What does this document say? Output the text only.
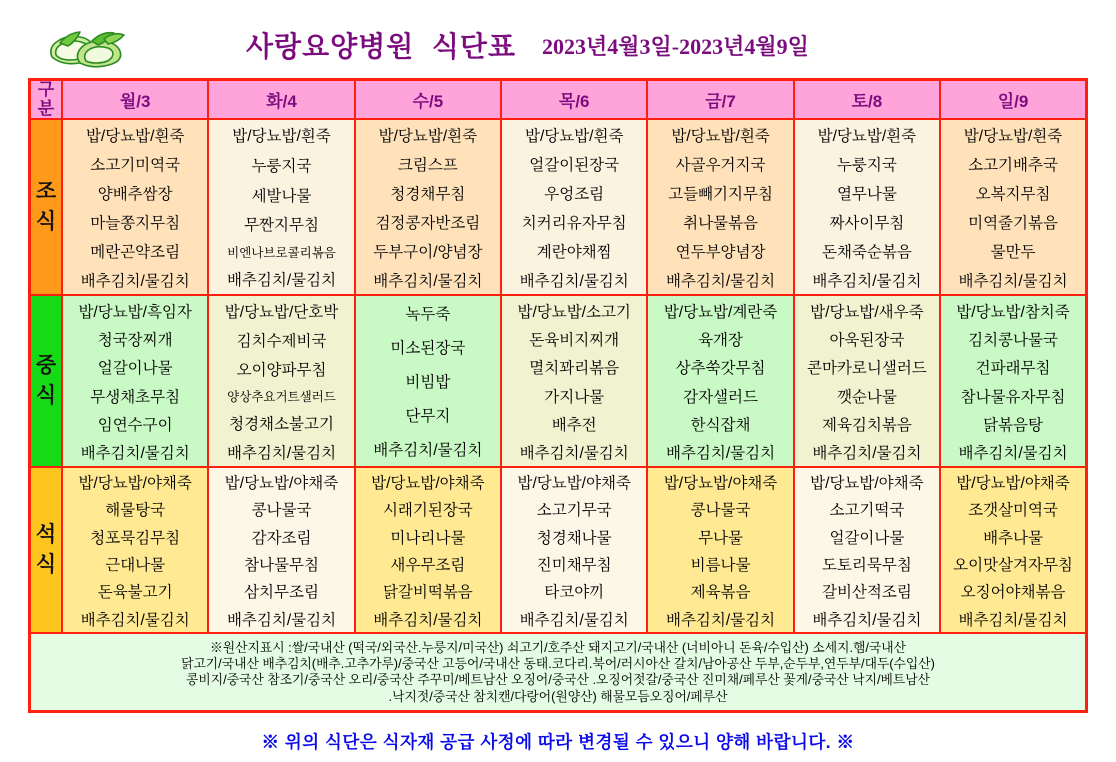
사랑요양병원  식단표 2023년4월3일-2023년4월9일
구분	월/3	화/4	수/5	목/6	금/7	토/8	일/9
조식	
밥/당뇨밥/흰죽
소고기미역국
양배추쌈장
마늘쫑지무침
메란곤약조림
배추김치/물김치

밥/당뇨밥/흰죽
누룽지국
세발나물
무짠지무침
비엔나브로콜리볶음
배추김치/물김치

밥/당뇨밥/흰죽
크림스프
청경채무침
검정콩자반조림
두부구이/양념장
배추김치/물김치

밥/당뇨밥/흰죽
얼갈이된장국
우엉조림
치커리유자무침
계란야채찜
배추김치/물김치

밥/당뇨밥/흰죽
사골우거지국
고들빼기지무침
취나물볶음
연두부양념장
배추김치/물김치

밥/당뇨밥/흰죽
누룽지국
열무나물
짜사이무침
돈채죽순볶음
배추김치/물김치

밥/당뇨밥/흰죽
소고기배추국
오복지무침
미역줄기볶음
물만두
배추김치/물김치

중식	
밥/당뇨밥/흑임자
청국장찌개
얼갈이나물
무생채초무침
임연수구이
배추김치/물김치

밥/당뇨밥/단호박
김치수제비국
오이양파무침
양상추요거트샐러드
청경채소불고기
배추김치/물김치

녹두죽
미소된장국
비빔밥
단무지
배추김치/물김치

밥/당뇨밥/소고기
돈육비지찌개
멸치꽈리볶음
가지나물
배추전
배추김치/물김치

밥/당뇨밥/계란죽
육개장
상추쑥갓무침
감자샐러드
한식잡채
배추김치/물김치

밥/당뇨밥/새우죽
아욱된장국
콘마카로니샐러드
깻순나물
제육김치볶음
배추김치/물김치

밥/당뇨밥/참치죽
김치콩나물국
건파래무침
참나물유자무침
닭볶음탕
배추김치/물김치

석식	
밥/당뇨밥/야채죽
해물탕국
청포묵김무침
근대나물
돈육불고기
배추김치/물김치

밥/당뇨밥/야채죽
콩나물국
감자조림
참나물무침
삼치무조림
배추김치/물김치

밥/당뇨밥/야채죽
시래기된장국
미나리나물
새우무조림
닭갈비떡볶음
배추김치/물김치

밥/당뇨밥/야채죽
소고기무국
청경채나물
진미채무침
타코야끼
배추김치/물김치

밥/당뇨밥/야채죽
콩나물국
무나물
비름나물
제육볶음
배추김치/물김치

밥/당뇨밥/야채죽
소고기떡국
얼갈이나물
도토리묵무침
갈비산적조림
배추김치/물김치

밥/당뇨밥/야채죽
조갯살미역국
배추나물
오이맛살겨자무침
오징어야채볶음
배추김치/물김치

※원산지표시 :쌀/국내산 (떡국/외국산.누룽지/미국산) 쇠고기/호주산 돼지고기/국내산 (너비아니 돈육/수입산) 소세지.햄/국내산
닭고기/국내산 배추김치(배추.고추가루)/중국산 고등어/국내산 동태.코다리.북어/러시아산 갈치/남아공산 두부,순두부,연두부/대두(수입산)
콩비지/중국산 참조기/중국산 오리/중국산 주꾸미/베트남산 오징어/중국산 .오징어젓갈/중국산 진미채/페루산 꽃게/중국산 낙지/베트남산
.낙지젓/중국산 참치캔/다랑어(원양산) 해물모듬오징어/페루산							
※ 위의 식단은 식자재 공급 사정에 따라 변경될 수 있으니 양해 바랍니다. ※
